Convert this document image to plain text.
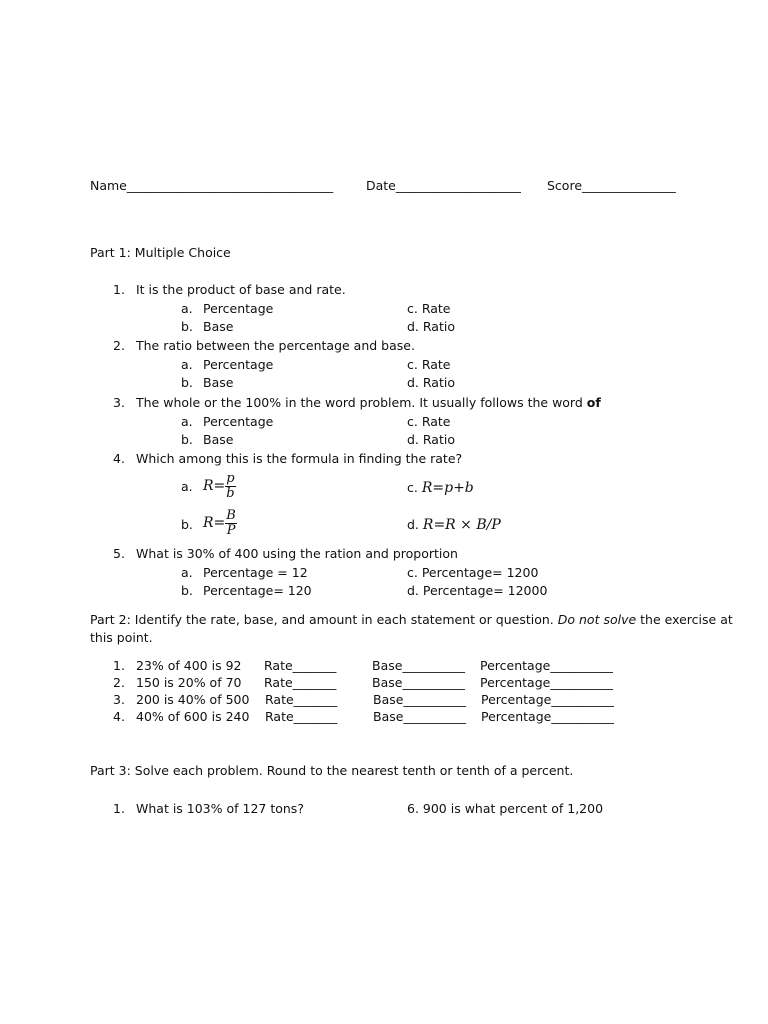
Name_________________________________	Date____________________ Score_______________
Part 1: Multiple Choice
1. It is the product of base and rate.
a. Percentage	c. Rate
b. Base	d. Ratio
2. The ratio between the percentage and base.
a. Percentage	c. Rate
b. Base	d. Ratio
3. The whole or the 100% in the word problem. It usually follows the word of
a. Percentage	c. Rate
b. Base	d. Ratio
4. Which among this is the formula in finding the rate?
a. $R= \frac{p}{b}$	c. R=p+b
b. $R= \frac{B}{P}$	d. R=R × B/P
5. What is 30% of 400 using the ration and proportion
a. Percentage = 12	c. Percentage= 1200
b. Percentage= 120	d. Percentage= 12000
Part 2: Identify the rate, base, and amount in each statement or question. Do not solve the exercise at
this point.
1. 23% of 400 is 92 Rate_______	Base__________ Percentage__________
2. 150 is 20% of 70 Rate_______	Base__________ Percentage__________
3. 200 is 40% of 500 Rate_______	Base__________ Percentage__________
4. 40% of 600 is 240 Rate_______	Base__________ Percentage__________
Part 3: Solve each problem. Round to the nearest tenth or tenth of a percent.
1. What is 103% of 127 tons?	6. 900 is what percent of 1,200
